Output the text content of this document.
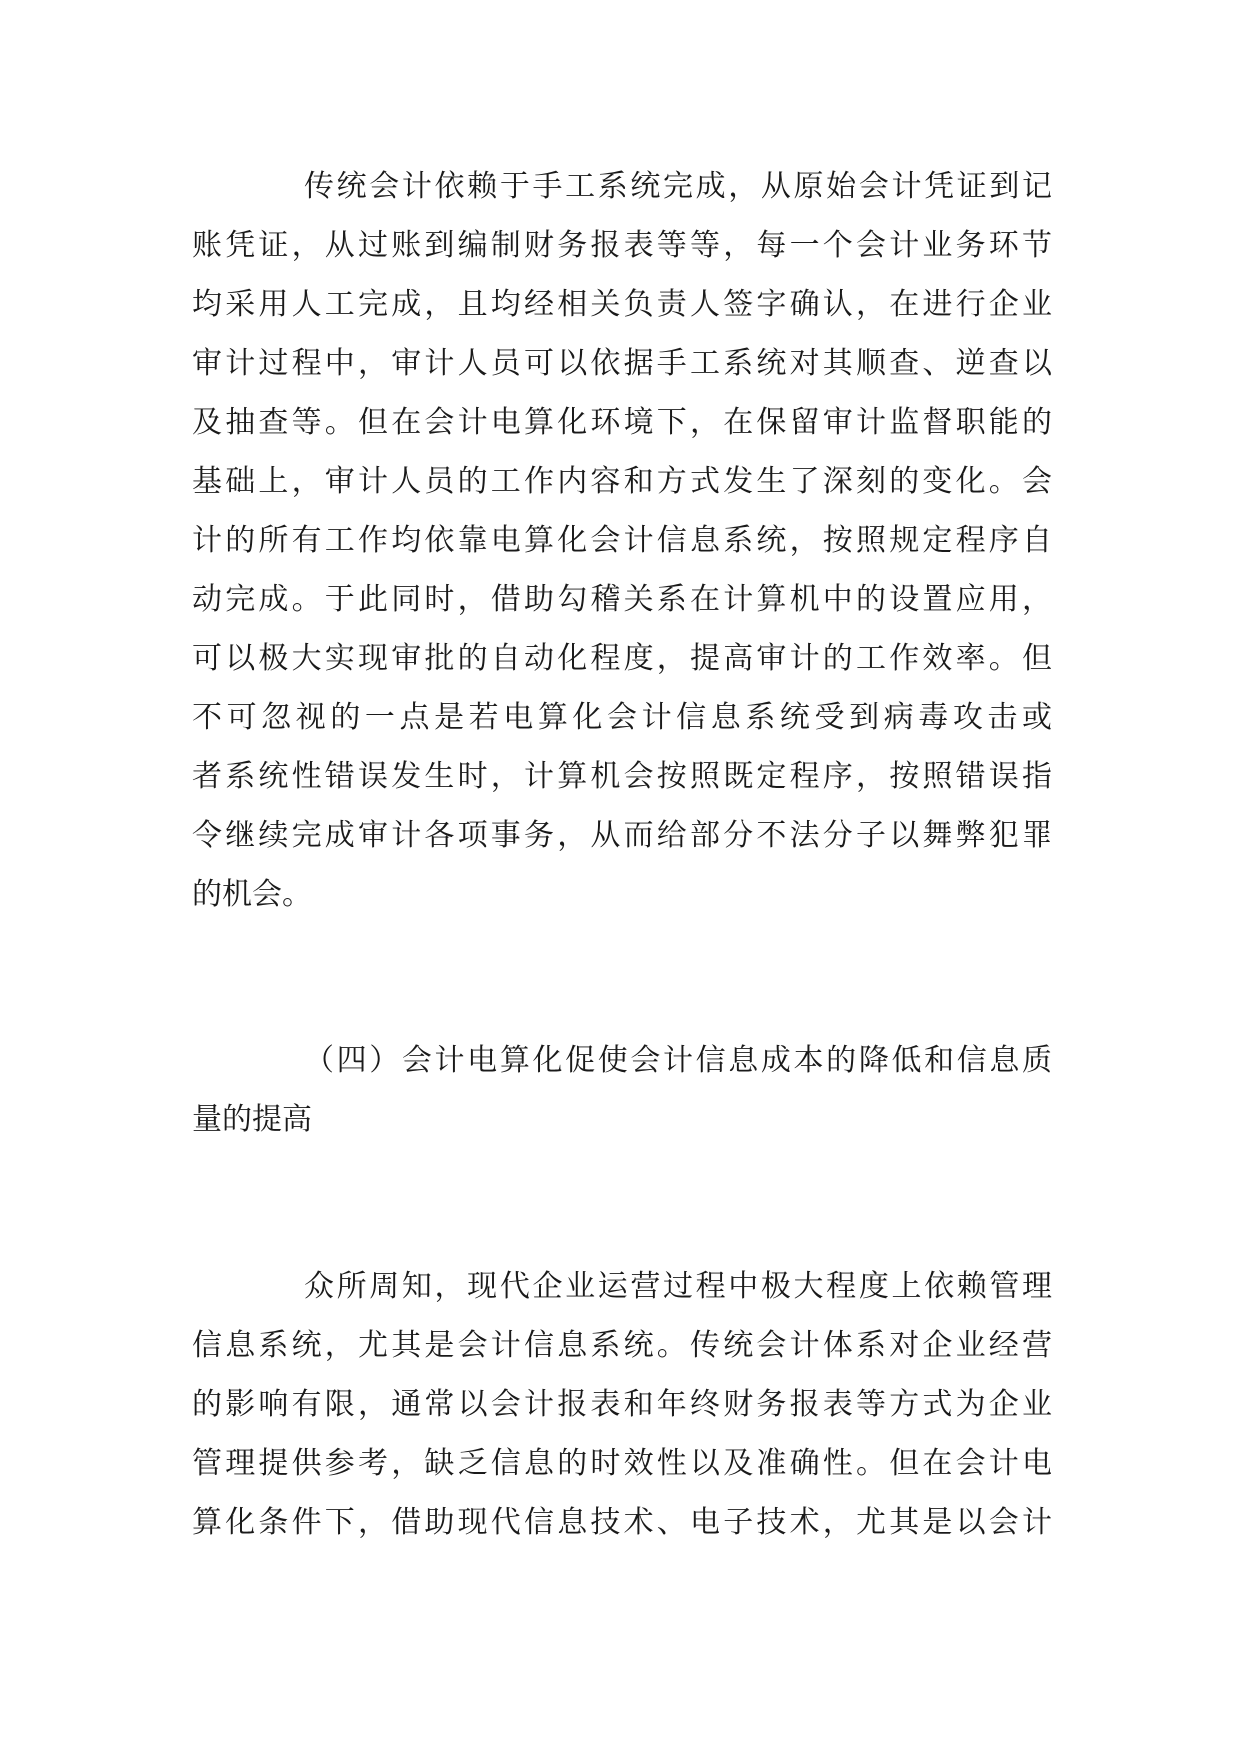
传统会计依赖于手工系统完成，从原始会计凭证到记
账凭证，从过账到编制财务报表等等，每一个会计业务环节
均采用人工完成，且均经相关负责人签字确认，在进行企业
审计过程中，审计人员可以依据手工系统对其顺查、逆查以
及抽查等。但在会计电算化环境下，在保留审计监督职能的
基础上，审计人员的工作内容和方式发生了深刻的变化。会
计的所有工作均依靠电算化会计信息系统，按照规定程序自
动完成。于此同时，借助勾稽关系在计算机中的设置应用，
可以极大实现审批的自动化程度，提高审计的工作效率。但
不可忽视的一点是若电算化会计信息系统受到病毒攻击或
者系统性错误发生时，计算机会按照既定程序，按照错误指
令继续完成审计各项事务，从而给部分不法分子以舞弊犯罪
的机会。
（四）会计电算化促使会计信息成本的降低和信息质
量的提高
众所周知，现代企业运营过程中极大程度上依赖管理
信息系统，尤其是会计信息系统。传统会计体系对企业经营
的影响有限，通常以会计报表和年终财务报表等方式为企业
管理提供参考，缺乏信息的时效性以及准确性。但在会计电
算化条件下，借助现代信息技术、电子技术，尤其是以会计
